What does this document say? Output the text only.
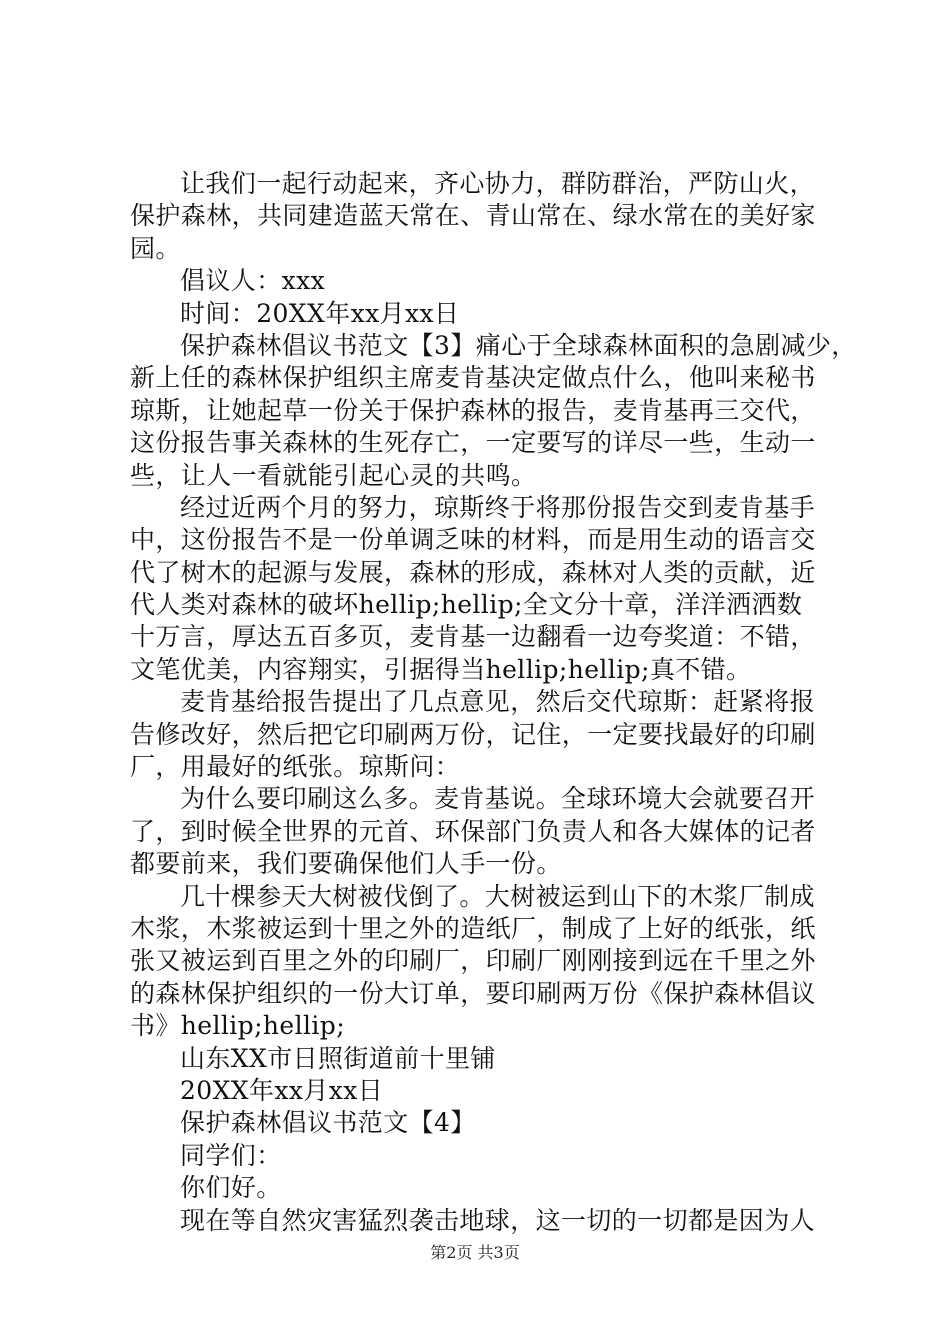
让我们一起行动起来，齐心协力，群防群治，严防山火，
保护森林，共同建造蓝天常在、青山常在、绿水常在的美好家
园。
倡议人：xxx
时间：20XX年xx月xx日
保护森林倡议书范文【3】痛心于全球森林面积的急剧减少，
新上任的森林保护组织主席麦肯基决定做点什么，他叫来秘书
琼斯，让她起草一份关于保护森林的报告，麦肯基再三交代，
这份报告事关森林的生死存亡，一定要写的详尽一些，生动一
些，让人一看就能引起心灵的共鸣。
经过近两个月的努力，琼斯终于将那份报告交到麦肯基手
中，这份报告不是一份单调乏味的材料，而是用生动的语言交
代了树木的起源与发展，森林的形成，森林对人类的贡献，近
代人类对森林的破坏hellip;hellip;全文分十章，洋洋洒洒数
十万言，厚达五百多页，麦肯基一边翻看一边夸奖道：不错，
文笔优美，内容翔实，引据得当hellip;hellip;真不错。
麦肯基给报告提出了几点意见，然后交代琼斯：赶紧将报
告修改好，然后把它印刷两万份，记住，一定要找最好的印刷
厂，用最好的纸张。琼斯问：
为什么要印刷这么多。麦肯基说。全球环境大会就要召开
了，到时候全世界的元首、环保部门负责人和各大媒体的记者
都要前来，我们要确保他们人手一份。
几十棵参天大树被伐倒了。大树被运到山下的木浆厂制成
木浆，木浆被运到十里之外的造纸厂，制成了上好的纸张，纸
张又被运到百里之外的印刷厂，印刷厂刚刚接到远在千里之外
的森林保护组织的一份大订单，要印刷两万份《保护森林倡议
书》hellip;hellip;
山东XX市日照街道前十里铺
20XX年xx月xx日
保护森林倡议书范文【4】
同学们：
你们好。
现在等自然灾害猛烈袭击地球，这一切的一切都是因为人
第2页 共3页
